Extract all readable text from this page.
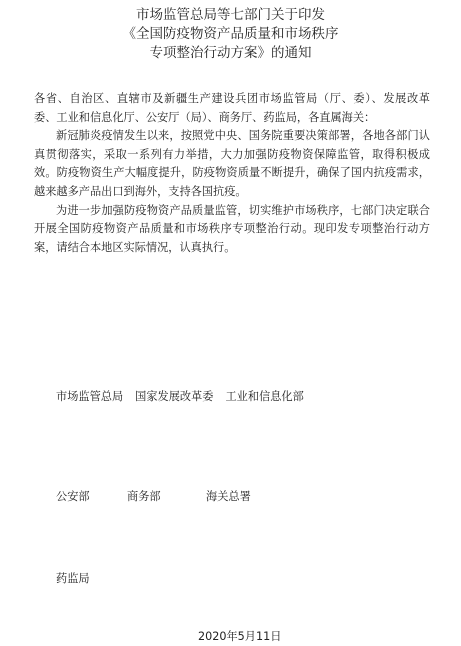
市场监管总局等七部门关于印发
《全国防疫物资产品质量和市场秩序
专项整治行动方案》的通知

各省、自治区、直辖市及新疆生产建设兵团市场监管局（厅、委）、发展改革委、工业和信息化厅、公安厅（局）、商务厅、药监局，各直属海关：

新冠肺炎疫情发生以来，按照党中央、国务院重要决策部署，各地各部门认真贯彻落实，采取一系列有力举措，大力加强防疫物资保障监管，取得积极成效。防疫物资生产大幅度提升，防疫物资质量不断提升，确保了国内抗疫需求，越来越多产品出口到海外，支持各国抗疫。

为进一步加强防疫物资产品质量监管，切实维护市场秩序，七部门决定联合开展全国防疫物资产品质量和市场秩序专项整治行动。现印发专项整治行动方案，请结合本地区实际情况，认真执行。

市场监管总局 国家发展改革委 工业和信息化部
公安部	商务部	海关总署
药监局
2020年5月11日
